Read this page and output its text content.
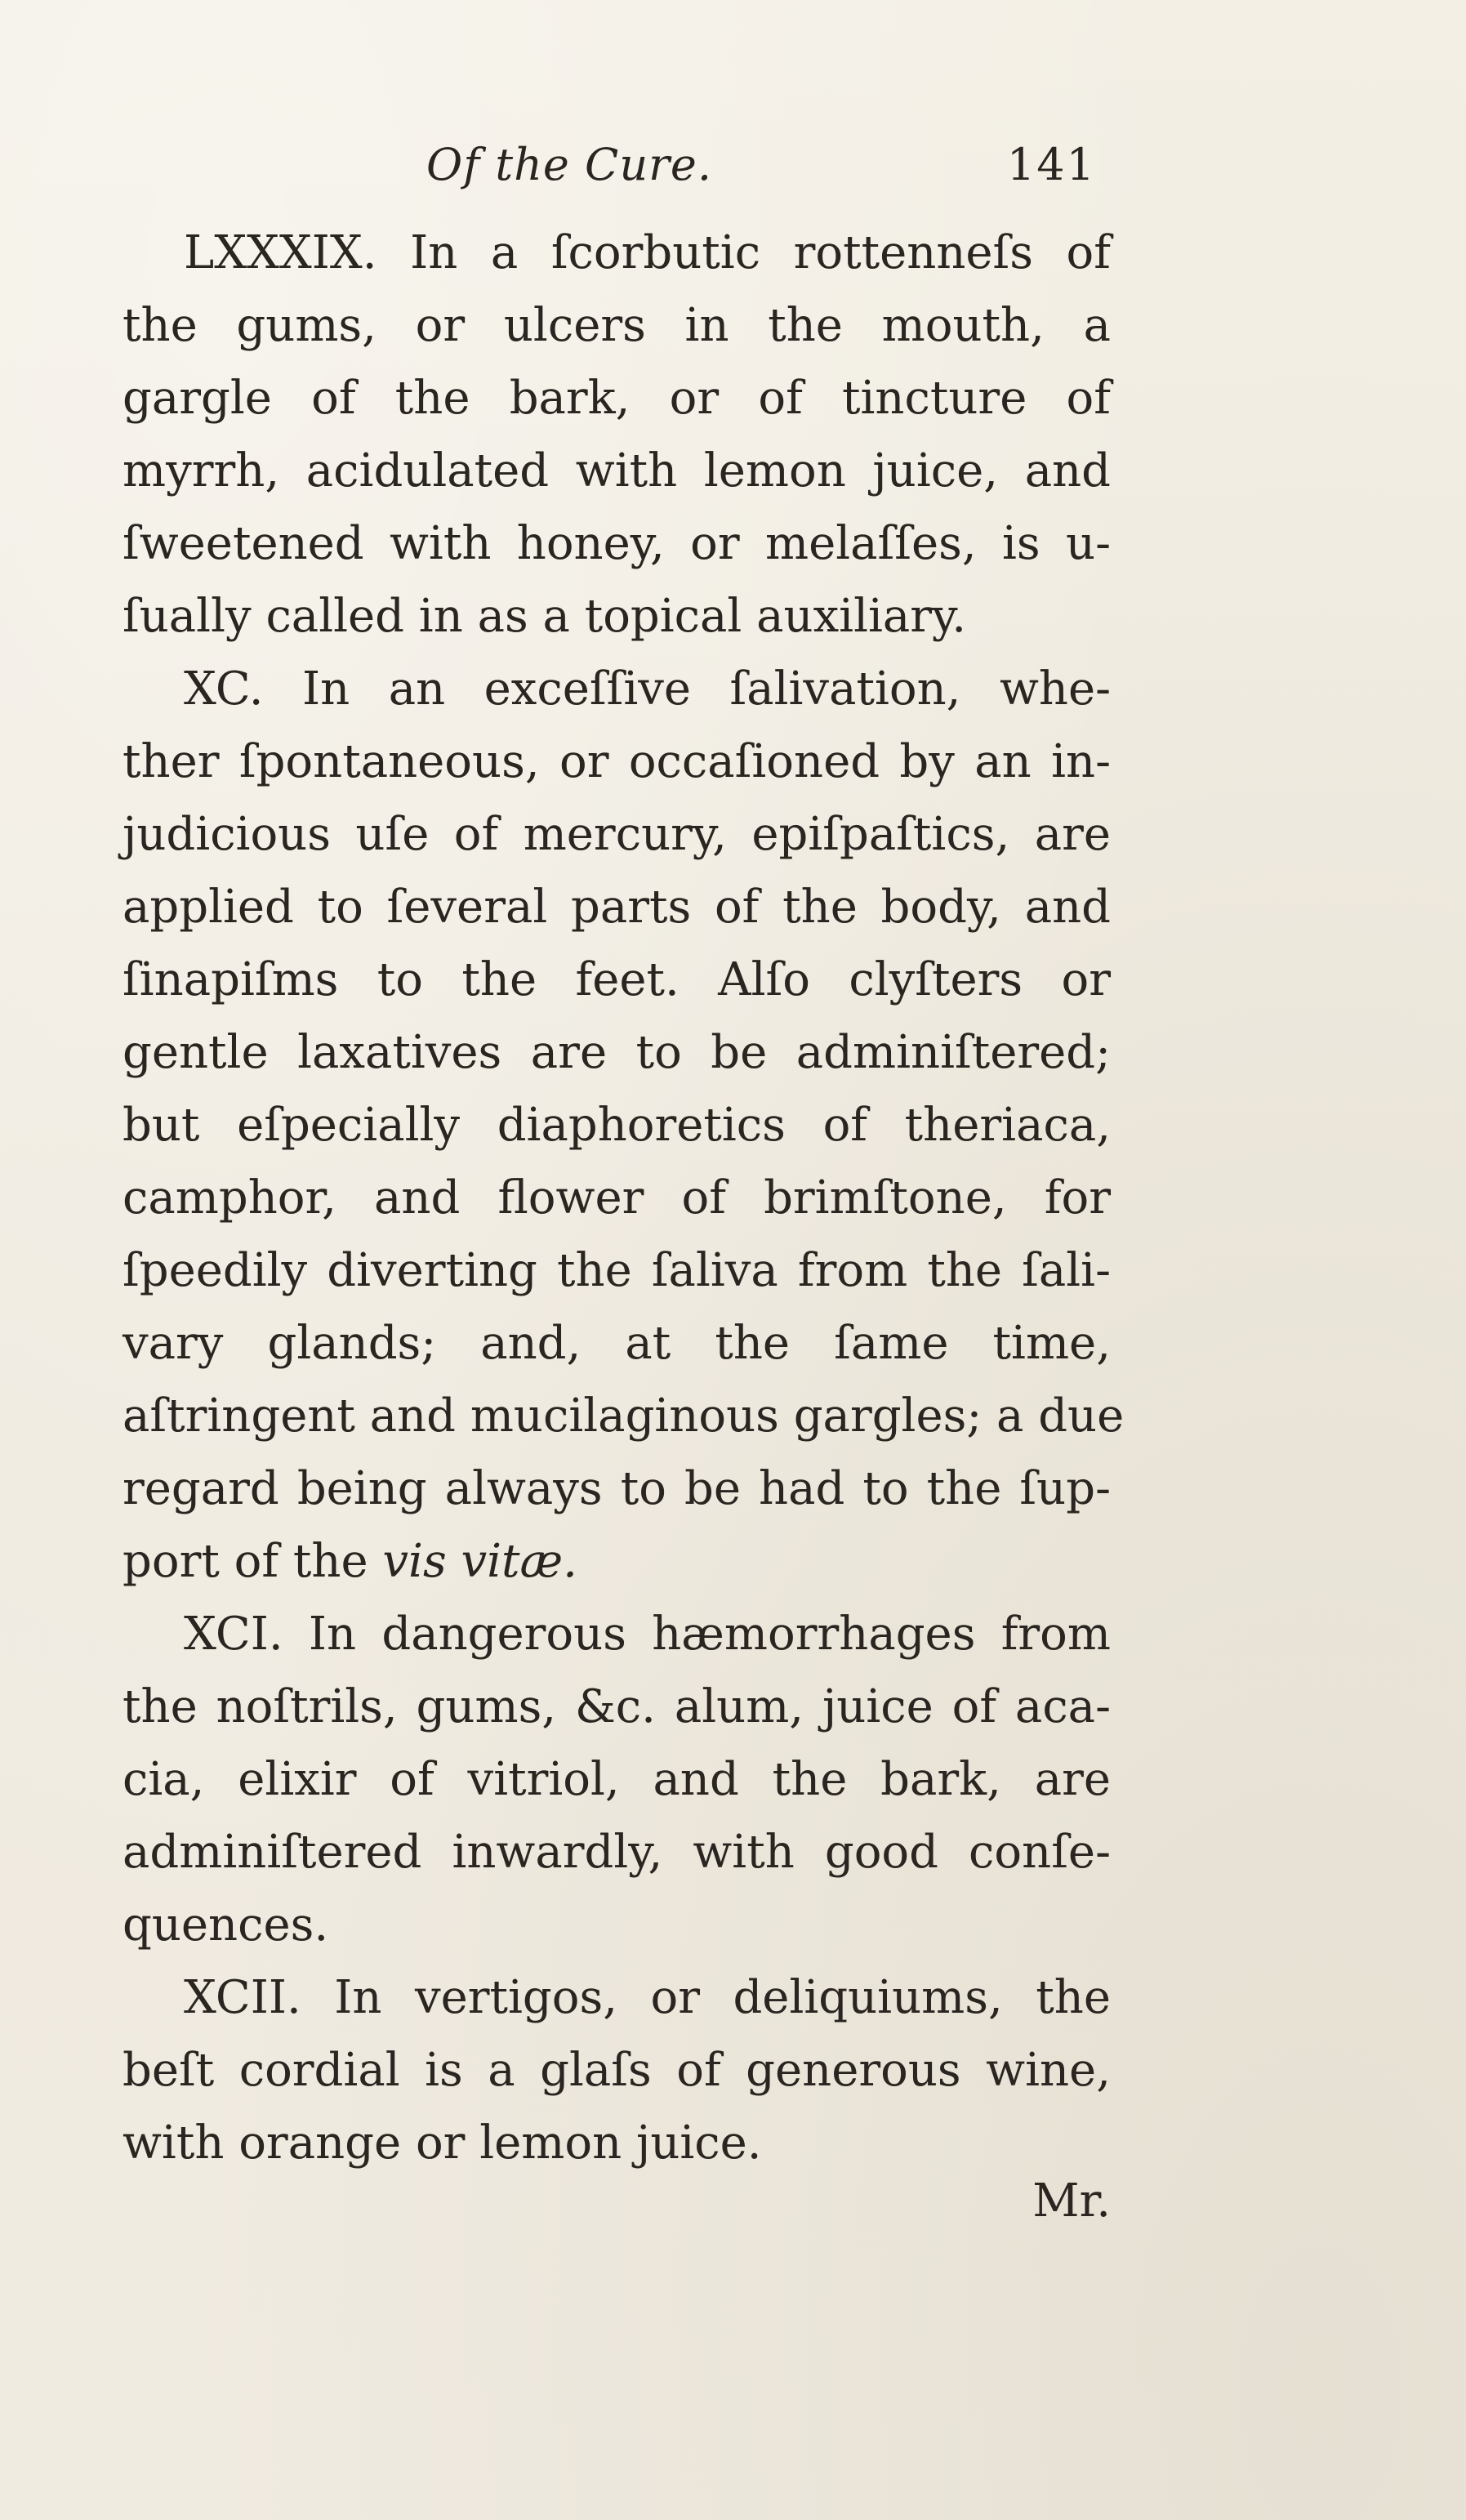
Of the Cure.	141
LXXXIX. In a ſcorbutic rottenneſs of
the gums, or ulcers in the mouth, a
gargle of the bark, or of tincture of
myrrh, acidulated with lemon juice, and
ſweetened with honey, or melaſſes, is u-
ſually called in as a topical auxiliary.
XC. In an exceſſive ſalivation, whe-
ther ſpontaneous, or occaſioned by an in-
judicious uſe of mercury, epiſpaſtics, are
applied to ſeveral parts of the body, and
ſinapiſms to the feet. Alſo clyſters or
gentle laxatives are to be adminiſtered;
but eſpecially diaphoretics of theriaca,
camphor, and flower of brimſtone, for
ſpeedily diverting the ſaliva from the ſali-
vary glands; and, at the ſame time,
aſtringent and mucilaginous gargles; a due
regard being always to be had to the ſup-
port of the vis vitæ.
XCI. In dangerous hæmorrhages from
the noſtrils, gums, &c. alum, juice of aca-
cia, elixir of vitriol, and the bark, are
adminiſtered inwardly, with good conſe-
quences.
XCII. In vertigos, or deliquiums, the
beſt cordial is a glaſs of generous wine,
with orange or lemon juice.
Mr.
